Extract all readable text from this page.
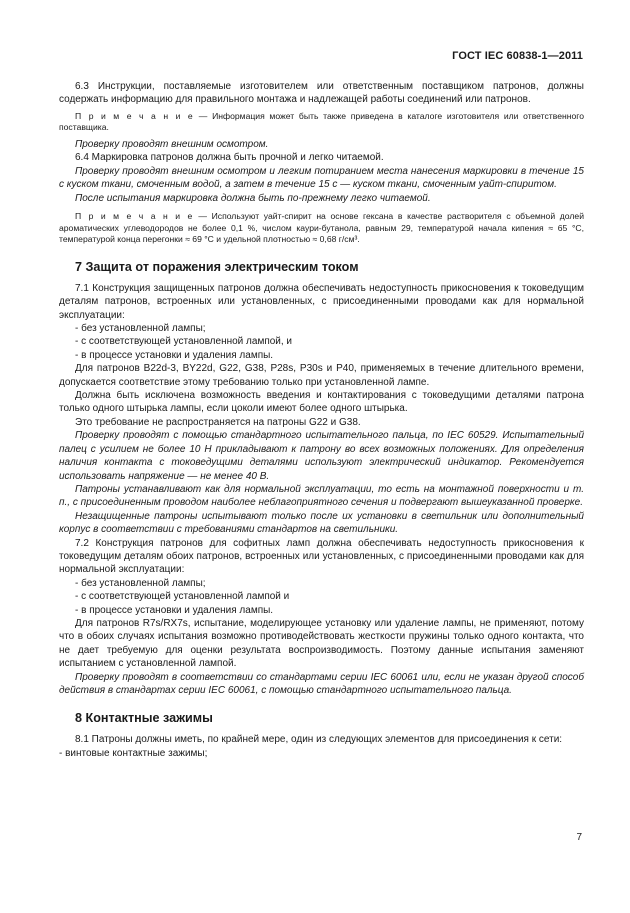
ГОСТ IEC 60838-1—2011

6.3 Инструкции, поставляемые изготовителем или ответственным поставщиком патронов, должны содержать информацию для правильного монтажа и надлежащей работы соединений или патронов.

П р и м е ч а н и е — Информация может быть также приведена в каталоге изготовителя или ответственного поставщика.

Проверку проводят внешним осмотром.

6.4 Маркировка патронов должна быть прочной и легко читаемой.

Проверку проводят внешним осмотром и легким потиранием места нанесения маркировки в течение 15 с куском ткани, смоченным водой, а затем в течение 15 с — куском ткани, смоченным уайт-спиритом.

После испытания маркировка должна быть по-прежнему легко читаемой.

П р и м е ч а н и е — Используют уайт-спирит на основе гексана в качестве растворителя с объемной долей ароматических углеводородов не более 0,1 %, числом каури-бутанола, равным 29, температурой начала кипения ≈ 65 °С, температурой конца перегонки ≈ 69 °С и удельной плотностью ≈ 0,68 г/см³.

7 Защита от поражения электрическим током

7.1 Конструкция защищенных патронов должна обеспечивать недоступность прикосновения к токоведущим деталям патронов, встроенных или установленных, с присоединенными проводами как для нормальной эксплуатации:

- без установленной лампы;

- с соответствующей установленной лампой, и

- в процессе установки и удаления лампы.

Для патронов B22d-3, BY22d, G22, G38, P28s, P30s и P40, применяемых в течение длительного времени, допускается соответствие этому требованию только при установленной лампе.

Должна быть исключена возможность введения и контактирования с токоведущими деталями патрона только одного штырька лампы, если цоколи имеют более одного штырька.

Это требование не распространяется на патроны G22 и G38.

Проверку проводят с помощью стандартного испытательного пальца, по IEC 60529. Испытательный палец с усилием не более 10 Н прикладывают к патрону во всех возможных положениях. Для определения наличия контакта с токоведущими деталями используют электрический индикатор. Рекомендуется использовать напряжение — не менее 40 В.

Патроны устанавливают как для нормальной эксплуатации, то есть на монтажной поверхности и т. п., с присоединенным проводом наиболее неблагоприятного сечения и подвергают вышеуказанной проверке.

Незащищенные патроны испытывают только после их установки в светильник или дополнительный корпус в соответствии с требованиями стандартов на светильники.

7.2 Конструкция патронов для софитных ламп должна обеспечивать недоступность прикосновения к токоведущим деталям обоих патронов, встроенных или установленных, с присоединенными проводами как для нормальной эксплуатации:

- без установленной лампы;

- с соответствующей установленной лампой и

- в процессе установки и удаления лампы.

Для патронов R7s/RX7s, испытание, моделирующее установку или удаление лампы, не применяют, потому что в обоих случаях испытания возможно противодействовать жесткости пружины только одного контакта, что не дает требуемую для оценки результата воспроизводимость. Поэтому данные испытания заменяют испытанием с установленной лампой.

Проверку проводят в соответствии со стандартами серии IEC 60061 или, если не указан другой способ действия в стандартах серии IEC 60061, с помощью стандартного испытательного пальца.

8 Контактные зажимы

8.1 Патроны должны иметь, по крайней мере, один из следующих элементов для присоединения к сети:

- винтовые контактные зажимы;

7
